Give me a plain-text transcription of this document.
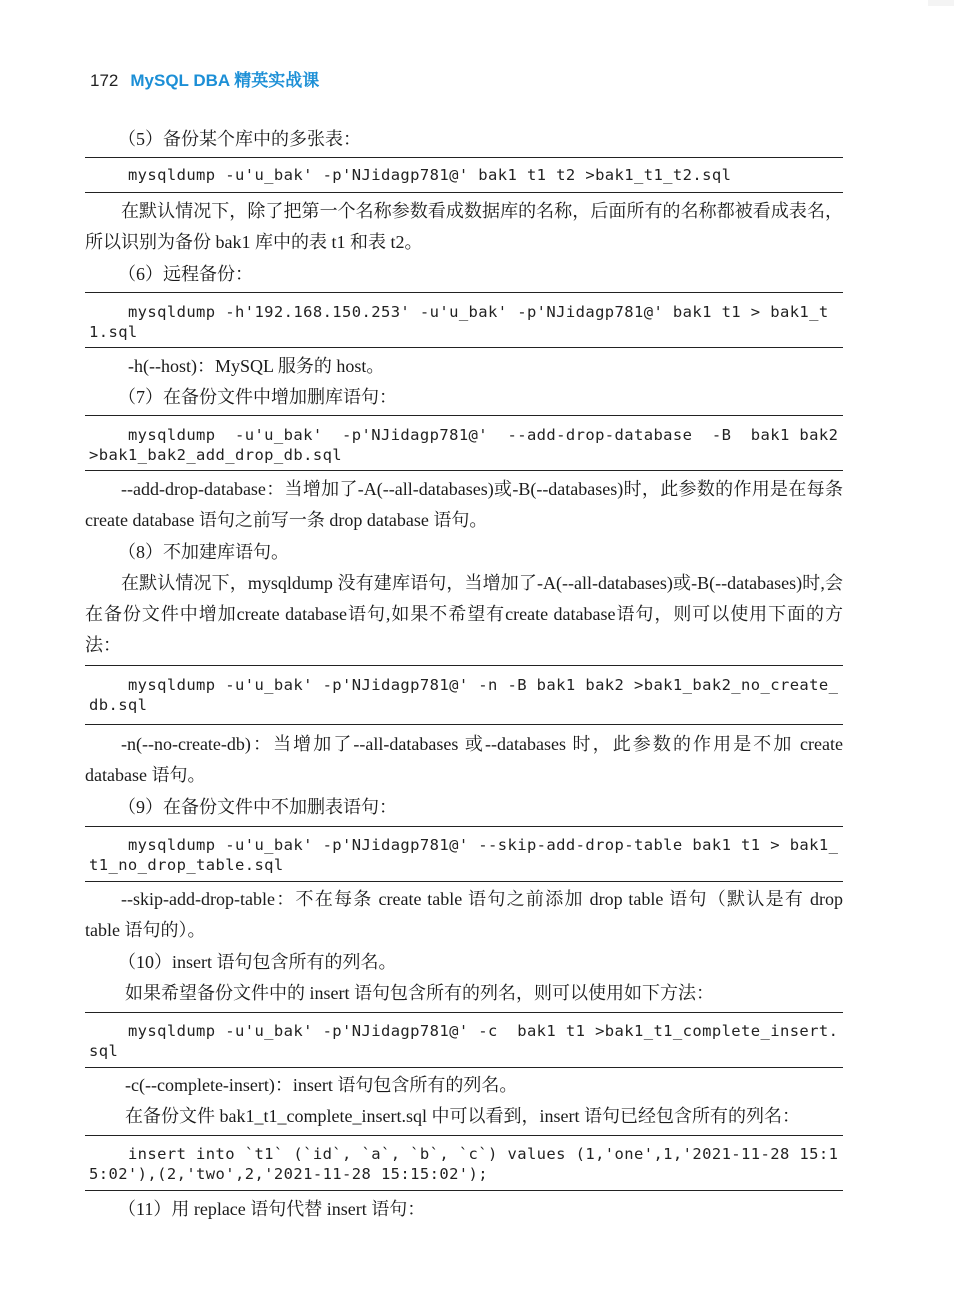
172 MySQL DBA 精英实战课
（5）备份某个库中的多张表：
mysqldump -u'u_bak' -p'NJidagp781@' bak1 t1 t2 >bak1_t1_t2.sql
在默认情况下，除了把第一个名称参数看成数据库的名称，后面所有的名称都被看成表名，所以识别为备份 bak1 库中的表 t1 和表 t2。
（6）远程备份：
mysqldump -h'192.168.150.253' -u'u_bak' -p'NJidagp781@' bak1 t1 > bak1_t1.sql
-h(--host)：MySQL 服务的 host。
（7）在备份文件中增加删库语句：
mysqldump  -u'u_bak'  -p'NJidagp781@'  --add-drop-database  -B  bak1 bak2 >bak1_bak2_add_drop_db.sql
--add-drop-database：当增加了-A(--all-databases)或-B(--databases)时，此参数的作用是在每条 create database 语句之前写一条 drop database 语句。
（8）不加建库语句。
在默认情况下，mysqldump 没有建库语句，当增加了-A(--all-databases)或-B(--databases)时,会在备份文件中增加create database语句,如果不希望有create database语句，则可以使用下面的方法：
mysqldump -u'u_bak' -p'NJidagp781@' -n -B bak1 bak2 >bak1_bak2_no_create_db.sql
-n(--no-create-db)：当增加了--all-databases 或--databases 时，此参数的作用是不加 create database 语句。
（9）在备份文件中不加删表语句：
mysqldump -u'u_bak' -p'NJidagp781@' --skip-add-drop-table bak1 t1 > bak1_t1_no_drop_table.sql
--skip-add-drop-table：不在每条 create table 语句之前添加 drop table 语句（默认是有 drop table 语句的）。
（10）insert 语句包含所有的列名。
如果希望备份文件中的 insert 语句包含所有的列名，则可以使用如下方法：
mysqldump -u'u_bak' -p'NJidagp781@' -c  bak1 t1 >bak1_t1_complete_insert.sql
-c(--complete-insert)：insert 语句包含所有的列名。
在备份文件 bak1_t1_complete_insert.sql 中可以看到，insert 语句已经包含所有的列名：
insert into `t1` (`id`, `a`, `b`, `c`) values (1,'one',1,'2021-11-28 15:15:02'),(2,'two',2,'2021-11-28 15:15:02');
（11）用 replace 语句代替 insert 语句：
